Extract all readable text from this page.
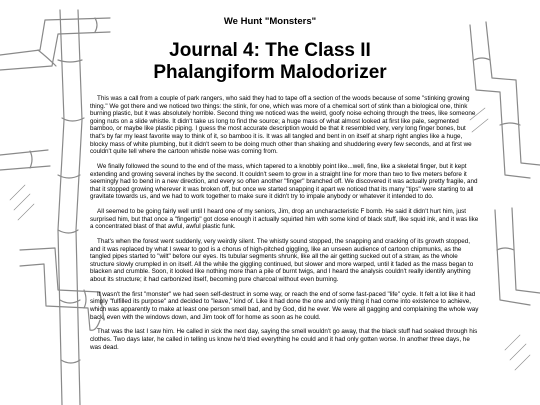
We Hunt "Monsters"
Journal 4: The Class II
Phalangiform Malodorizer

This was a call from a couple of park rangers, who said they had to tape off a section of the woods because of some "stinking growing thing." We got there and we noticed two things: the stink, for one, which was more of a chemical sort of stink than a biological one, think burning plastic, but it was absolutely horrible. Second thing we noticed was the weird, goofy noise echoing through the trees, like someone going nuts on a slide whistle. It didn't take us long to find the source; a huge mass of what almost looked at first like pale, segmented bamboo, or maybe like plastic piping. I guess the most accurate description would be that it resembled very, very long finger bones, but that's by far my least favorite way to think of it, so bamboo it is. It was all tangled and bent in on itself at sharp right angles like a huge, blocky mass of white plumbing, but it didn't seem to be doing much other than shaking and shuddering every few seconds, and at first we couldn't quite tell where the cartoon whistle noise was coming from.

We finally followed the sound to the end of the mass, which tapered to a knobbly point like...well, fine, like a skeletal finger, but it kept extending and growing several inches by the second. It couldn't seem to grow in a straight line for more than two to five meters before it seemingly had to bend in a new direction, and every so often another "finger" branched off. We discovered it was actually pretty fragile, and that it stopped growing wherever it was broken off, but once we started snapping it apart we noticed that its many "tips" were starting to all gravitate towards us, and we had to work together to make sure it didn't try to impale anybody or whatever it intended to do.

All seemed to be going fairly well until I heard one of my seniors, Jim, drop an uncharacteristic F bomb. He said it didn't hurt him, just surprised him, but that once a "fingertip" got close enough it actually squirted him with some kind of black stuff, like squid ink, and it was like a concentrated blast of that awful, awful plastic funk.

That's when the forest went suddenly, very weirdly silent. The whistly sound stopped, the snapping and cracking of its growth stopped, and it was replaced by what I swear to god is a chorus of high-pitched giggling, like an unseen audience of cartoon chipmunks, as the tangled pipes started to "wilt" before our eyes. Its tubular segments shrunk, like all the air getting sucked out of a straw, as the whole structure slowly crumpled in on itself. All the while the giggling continued, but slower and more warped, until it faded as the mass began to blacken and crumble. Soon, it looked like nothing more than a pile of burnt twigs, and I heard the analysis couldn't really identify anything about its structure; it had carbonized itself, becoming pure charcoal without even burning.

It wasn't the first "monster" we had seen self-destruct in some way, or reach the end of some fast-paced "life" cycle. It felt a lot like it had simply "fulfilled its purpose" and decided to "leave," kind of. Like it had done the one and only thing it had come into existence to achieve, which was apparently to make at least one person smell bad, and by God, did he ever. We were all gagging and complaining the whole way back, even with the windows down, and Jim took off for home as soon as he could.

That was the last I saw him. He called in sick the next day, saying the smell wouldn't go away, that the black stuff had soaked through his clothes. Two days later, he called in telling us know he'd tried everything he could and it had only gotten worse. In another three days, he was dead.
